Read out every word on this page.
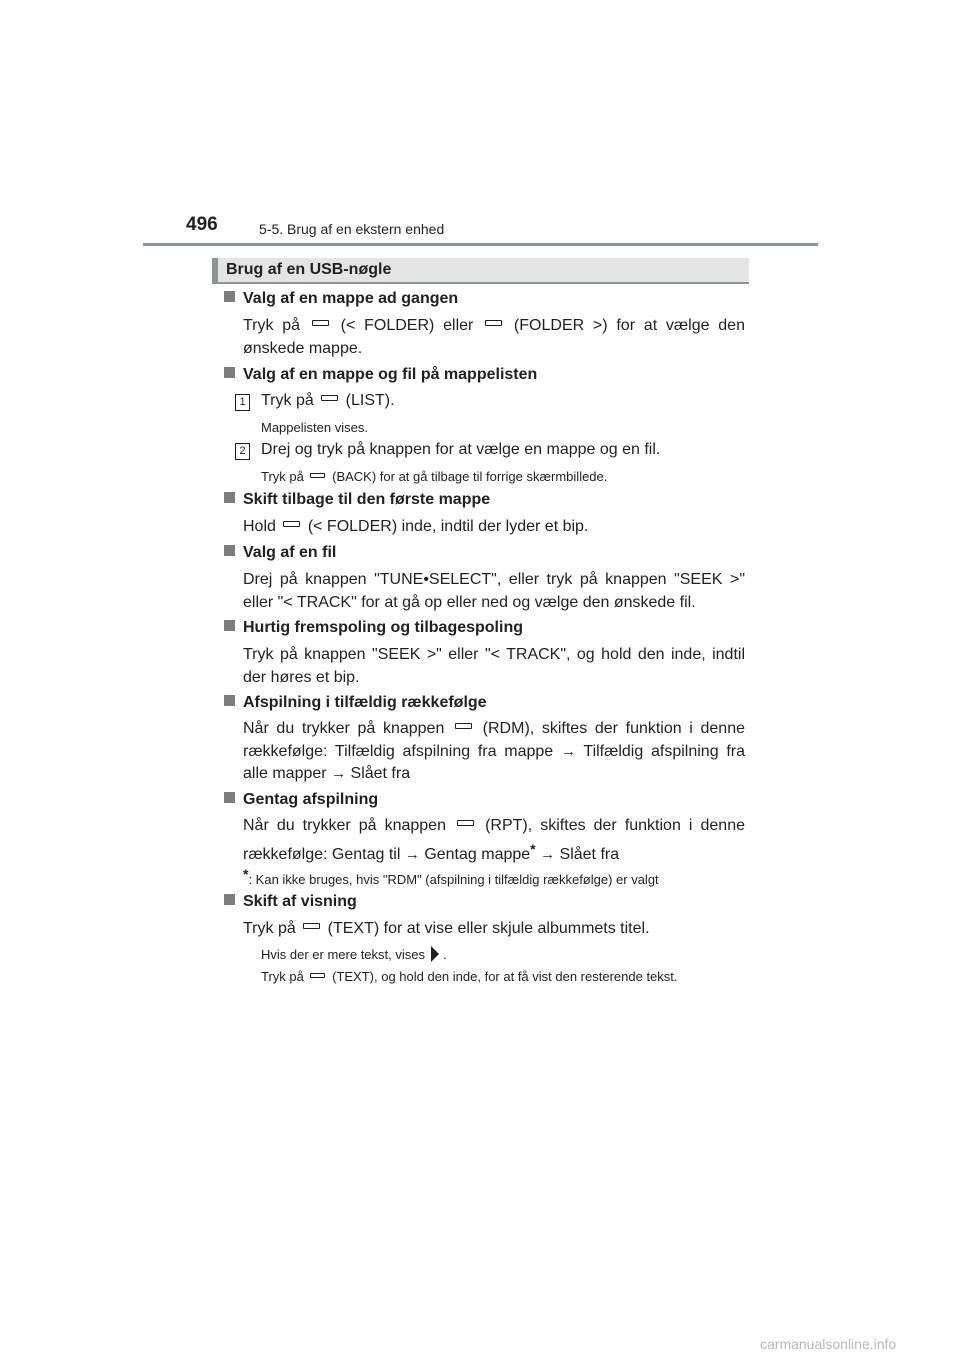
496	5-5. Brug af en ekstern enhed
Brug af en USB-nøgle
Valg af en mappe ad gangen
Tryk på	(< FOLDER) eller	(FOLDER >) for at vælge den ønskede mappe.
Valg af en mappe og fil på mappelisten
1 Tryk på (LIST).
Mappelisten vises.
2 Drej og tryk på knappen for at vælge en mappe og en fil.
Tryk på (BACK) for at gå tilbage til forrige skærmbillede.
Skift tilbage til den første mappe
Hold (< FOLDER) inde, indtil der lyder et bip.
Valg af en fil
Drej på knappen "TUNE•SELECT", eller tryk på knappen "SEEK >" eller "< TRACK" for at gå op eller ned og vælge den ønskede fil.
Hurtig fremspoling og tilbagespoling
Tryk på knappen "SEEK >" eller "< TRACK", og hold den inde, indtil der høres et bip.
Afspilning i tilfældig rækkefølge
Når du trykker på knappen (RDM), skiftes der funktion i denne rækkefølge: Tilfældig afspilning fra mappe → Tilfældig afspilning fra alle mapper → Slået fra
Gentag afspilning
Når du trykker på knappen (RPT), skiftes der funktion i denne rækkefølge: Gentag til → Gentag mappe* → Slået fra
*: Kan ikke bruges, hvis "RDM" (afspilning i tilfældig rækkefølge) er valgt
Skift af visning
Tryk på (TEXT) for at vise eller skjule albummets titel.
Hvis der er mere tekst, vises .
Tryk på (TEXT), og hold den inde, for at få vist den resterende tekst.
carmanualsonline.info
